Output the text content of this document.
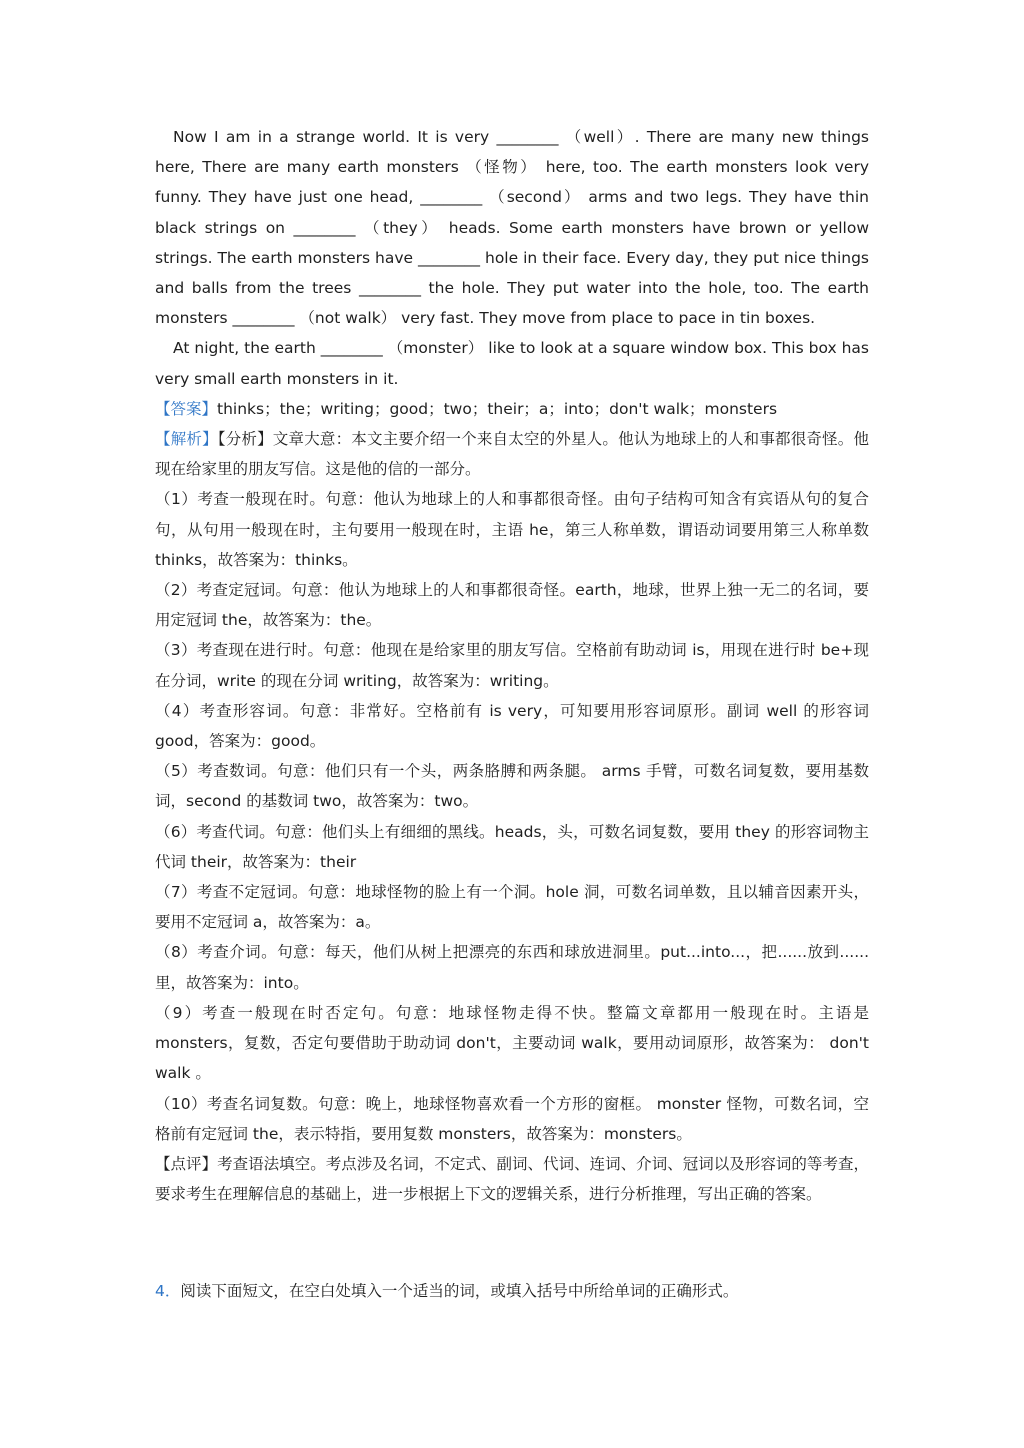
Now I am in a strange world. It is very ________ （well）. There are many new things here, There are many earth monsters （怪物） here, too. The earth monsters look very funny. They have just one head, ________ （second） arms and two legs. They have thin black strings on ________ （they） heads. Some earth monsters have brown or yellow strings. The earth monsters have ________ hole in their face. Every day, they put nice things and balls from the trees ________ the hole. They put water into the hole, too. The earth monsters ________ （not walk） very fast. They move from place to pace in tin boxes.

At night, the earth ________ （monster） like to look at a square window box. This box has very small earth monsters in it.

【答案】thinks；the；writing；good；two；their；a；into；don't walk；monsters

【解析】【分析】文章大意：本文主要介绍一个来自太空的外星人。他认为地球上的人和事都很奇怪。他现在给家里的朋友写信。这是他的信的一部分。

（1）考查一般现在时。句意：他认为地球上的人和事都很奇怪。由句子结构可知含有宾语从句的复合句，从句用一般现在时，主句要用一般现在时，主语 he，第三人称单数，谓语动词要用第三人称单数 thinks，故答案为：thinks。

（2）考查定冠词。句意：他认为地球上的人和事都很奇怪。earth，地球，世界上独一无二的名词，要用定冠词 the，故答案为：the。

（3）考查现在进行时。句意：他现在是给家里的朋友写信。空格前有助动词 is，用现在进行时 be+现在分词，write 的现在分词 writing，故答案为：writing。

（4）考查形容词。句意：非常好。空格前有 is very，可知要用形容词原形。副词 well 的形容词 good，答案为：good。

（5）考查数词。句意：他们只有一个头，两条胳膊和两条腿。 arms 手臂，可数名词复数，要用基数词，second 的基数词 two，故答案为：two。

（6）考查代词。句意：他们头上有细细的黑线。heads，头，可数名词复数，要用 they 的形容词物主代词 their，故答案为：their

（7）考查不定冠词。句意：地球怪物的脸上有一个洞。hole 洞，可数名词单数，且以辅音因素开头，要用不定冠词 a，故答案为：a。

（8）考查介词。句意：每天，他们从树上把漂亮的东西和球放进洞里。put...into...，把......放到......里，故答案为：into。

（9）考查一般现在时否定句。句意：地球怪物走得不快。整篇文章都用一般现在时。主语是 monsters，复数，否定句要借助于助动词 don't，主要动词 walk，要用动词原形，故答案为： don't walk 。

（10）考查名词复数。句意：晚上，地球怪物喜欢看一个方形的窗框。 monster 怪物，可数名词，空格前有定冠词 the，表示特指，要用复数 monsters，故答案为：monsters。

【点评】考查语法填空。考点涉及名词，不定式、副词、代词、连词、介词、冠词以及形容词的等考查，要求考生在理解信息的基础上，进一步根据上下文的逻辑关系，进行分析推理，写出正确的答案。

4．阅读下面短文，在空白处填入一个适当的词，或填入括号中所给单词的正确形式。
